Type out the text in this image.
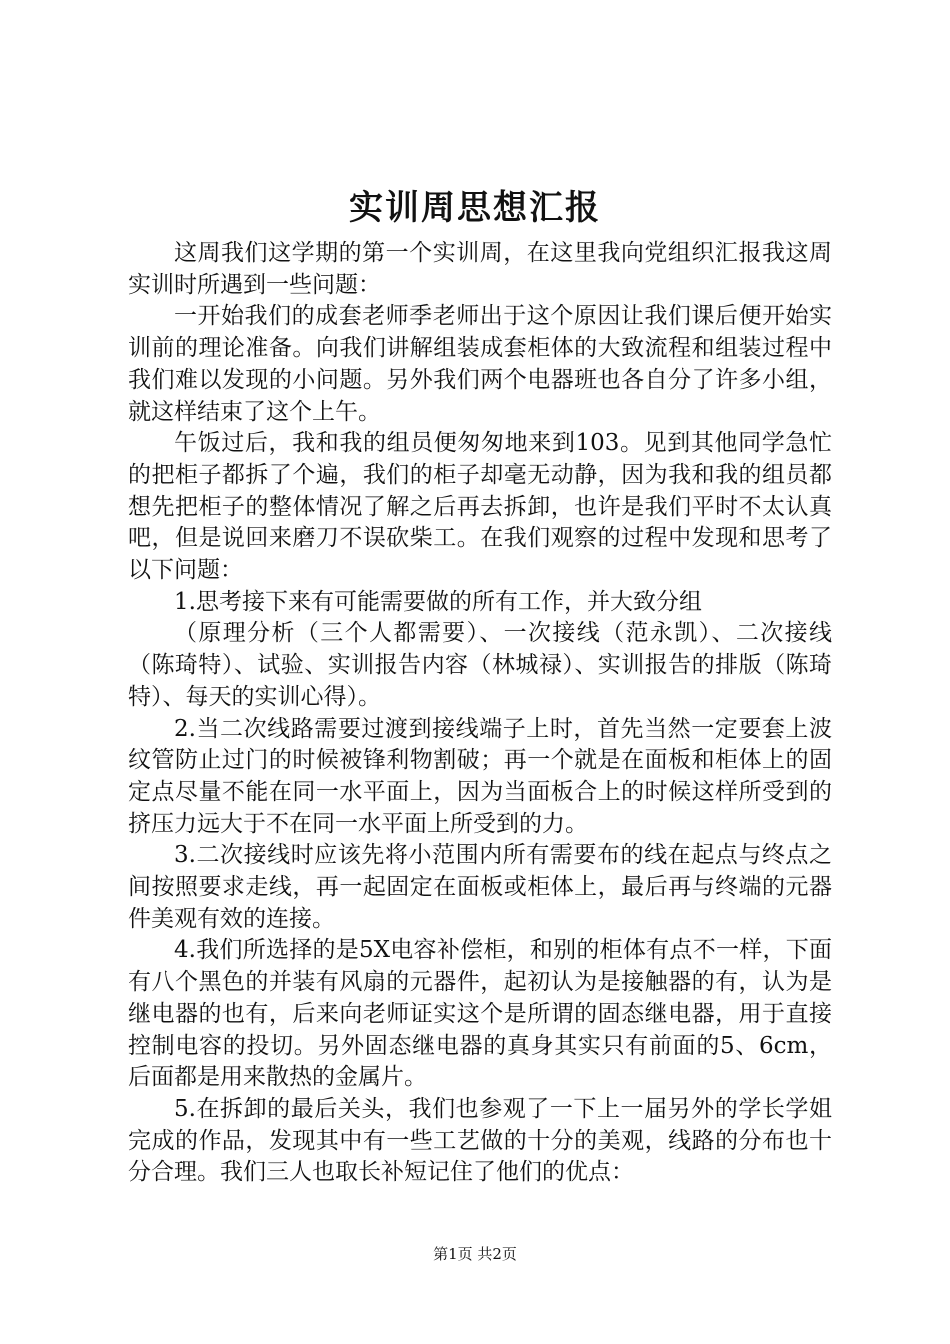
实训周思想汇报

这周我们这学期的第一个实训周，在这里我向党组织汇报我这周实训时所遇到一些问题：

一开始我们的成套老师季老师出于这个原因让我们课后便开始实训前的理论准备。向我们讲解组装成套柜体的大致流程和组装过程中我们难以发现的小问题。另外我们两个电器班也各自分了许多小组，就这样结束了这个上午。

午饭过后，我和我的组员便匆匆地来到103。见到其他同学急忙的把柜子都拆了个遍，我们的柜子却毫无动静，因为我和我的组员都想先把柜子的整体情况了解之后再去拆卸，也许是我们平时不太认真吧，但是说回来磨刀不误砍柴工。在我们观察的过程中发现和思考了以下问题：

1.思考接下来有可能需要做的所有工作，并大致分组

（原理分析（三个人都需要）、一次接线（范永凯）、二次接线（陈琦特）、试验、实训报告内容（林城禄）、实训报告的排版（陈琦特）、每天的实训心得）。

2.当二次线路需要过渡到接线端子上时，首先当然一定要套上波纹管防止过门的时候被锋利物割破；再一个就是在面板和柜体上的固定点尽量不能在同一水平面上，因为当面板合上的时候这样所受到的挤压力远大于不在同一水平面上所受到的力。

3.二次接线时应该先将小范围内所有需要布的线在起点与终点之间按照要求走线，再一起固定在面板或柜体上，最后再与终端的元器件美观有效的连接。

4.我们所选择的是5X电容补偿柜，和别的柜体有点不一样，下面有八个黑色的并装有风扇的元器件，起初认为是接触器的有，认为是继电器的也有，后来向老师证实这个是所谓的固态继电器，用于直接控制电容的投切。另外固态继电器的真身其实只有前面的5、6cm，后面都是用来散热的金属片。

5.在拆卸的最后关头，我们也参观了一下上一届另外的学长学姐完成的作品，发现其中有一些工艺做的十分的美观，线路的分布也十分合理。我们三人也取长补短记住了他们的优点：

第1页 共2页
